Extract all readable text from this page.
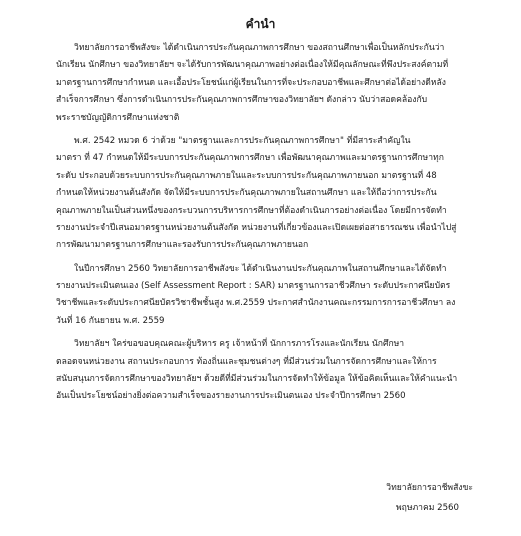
คำนำ
วิทยาลัยการอาชีพสังขะ ได้ดำเนินการประกันคุณภาพการศึกษา ของสถานศึกษาเพื่อเป็นหลักประกันว่า
นักเรียน นักศึกษา ของวิทยาลัยฯ จะได้รับการพัฒนาคุณภาพอย่างต่อเนื่องให้มีคุณลักษณะที่พึงประสงค์ตามที่
มาตรฐานการศึกษากำหนด และเอื้อประโยชน์แก่ผู้เรียนในการที่จะประกอบอาชีพและศึกษาต่อได้อย่างดีหลัง
สำเร็จการศึกษา ซึ่งการดำเนินการประกันคุณภาพการศึกษาของวิทยาลัยฯ ดังกล่าว นับว่าสอดคล้องกับ
พระราชบัญญัติการศึกษาแห่งชาติ
พ.ศ. 2542 หมวด 6 ว่าด้วย "มาตรฐานและการประกันคุณภาพการศึกษา" ที่มีสาระสำคัญใน
มาตรา ที่ 47 กำหนดให้มีระบบการประกันคุณภาพการศึกษา เพื่อพัฒนาคุณภาพและมาตรฐานการศึกษาทุก
ระดับ ประกอบด้วยระบบการประกันคุณภาพภายในและระบบการประกันคุณภาพภายนอก มาตรฐานที่ 48
กำหนดให้หน่วยงานต้นสังกัด จัดให้มีระบบการประกันคุณภาพภายในสถานศึกษา และให้ถือว่าการประกัน
คุณภาพภายในเป็นส่วนหนึ่งของกระบวนการบริหารการศึกษาที่ต้องดำเนินการอย่างต่อเนื่อง โดยมีการจัดทำ
รายงานประจำปีเสนอมาตรฐานหน่วยงานต้นสังกัด หน่วยงานที่เกี่ยวข้องและเปิดเผยต่อสาธารณชน เพื่อนำไปสู่
การพัฒนามาตรฐานการศึกษาและรองรับการประกันคุณภาพภายนอก
ในปีการศึกษา 2560 วิทยาลัยการอาชีพสังขะ ได้ดำเนินงานประกันคุณภาพในสถานศึกษาและได้จัดทำ
รายงานประเมินตนเอง (Self Assessment Report : SAR) มาตรฐานการอาชีวศึกษา ระดับประกาศนียบัตร
วิชาชีพและระดับประกาศนียบัตรวิชาชีพชั้นสูง พ.ศ.2559 ประกาศสำนักงานคณะกรรมการการอาชีวศึกษา ลง
วันที่ 16 กันยายน พ.ศ. 2559
วิทยาลัยฯ ใคร่ขอขอบคุณคณะผู้บริหาร ครู เจ้าหน้าที่ นักการภารโรงและนักเรียน นักศึกษา
ตลอดจนหน่วยงาน สถานประกอบการ ท้องถิ่นและชุมชนต่างๆ ที่มีส่วนร่วมในการจัดการศึกษาและให้การ
สนับสนุนการจัดการศึกษาของวิทยาลัยฯ ด้วยดีที่มีส่วนร่วมในการจัดทำให้ข้อมูล ให้ข้อคิดเห็นและให้คำแนะนำ
อันเป็นประโยชน์อย่างยิ่งต่อความสำเร็จของรายงานการประเมินตนเอง ประจำปีการศึกษา 2560
วิทยาลัยการอาชีพสังขะ
พฤษภาคม 2560
